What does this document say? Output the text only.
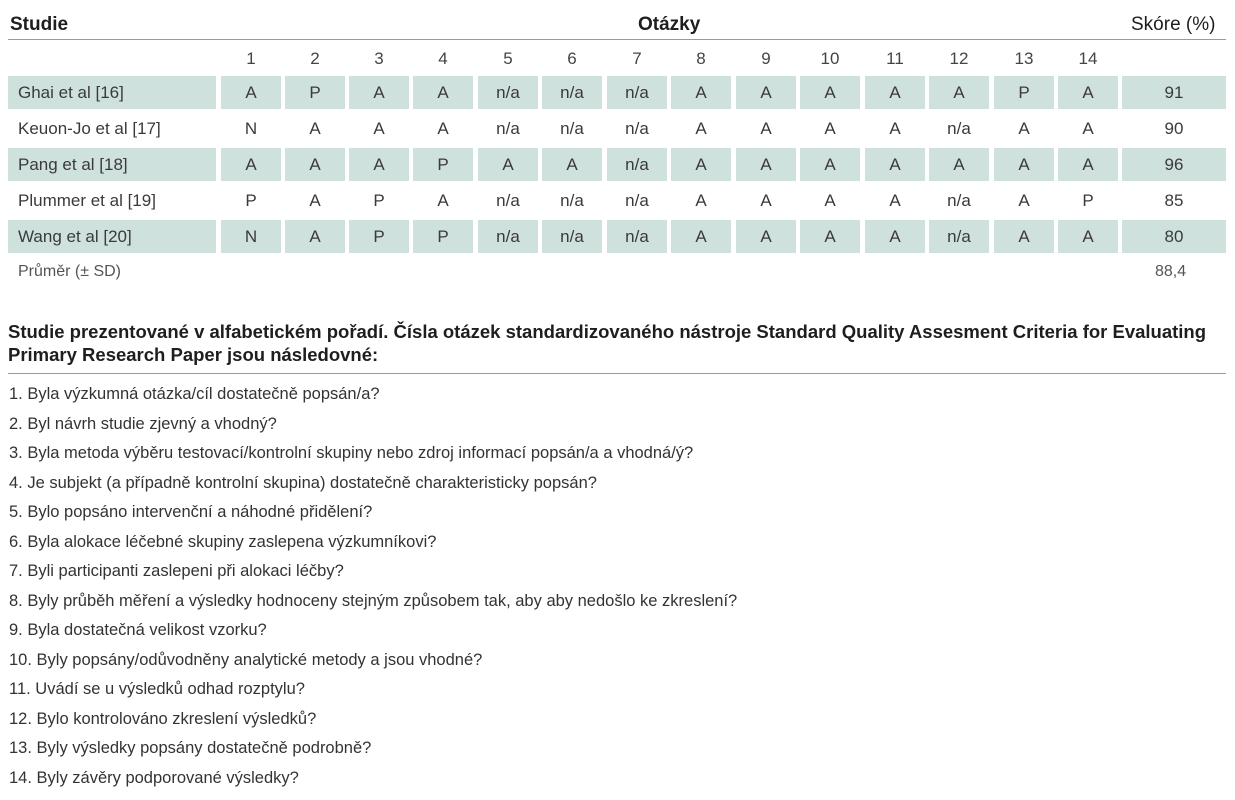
Studie	Otázky	Skóre (%)
1	2	3	4	5	6	7	8	9	10	11	12	13	14
Ghai et al [16]	A	P	A	A	n/a	n/a	n/a	A	A	A	A	A	P	A	91
Keuon-Jo et al [17]	N	A	A	A	n/a	n/a	n/a	A	A	A	A	n/a	A	A	90
Pang et al [18]	A	A	A	P	A	A	n/a	A	A	A	A	A	A	A	96
Plummer et al [19]	P	A	P	A	n/a	n/a	n/a	A	A	A	A	n/a	A	P	85
Wang et al [20]	N	A	P	P	n/a	n/a	n/a	A	A	A	A	n/a	A	A	80
Průměr (± SD)	88,4
Studie prezentované v alfabetickém pořadí. Čísla otázek standardizovaného nástroje Standard Quality Assesment Criteria for Evaluating Primary Research Paper jsou následovné:
1. Byla výzkumná otázka/cíl dostatečně popsán/a?
2. Byl návrh studie zjevný a vhodný?
3. Byla metoda výběru testovací/kontrolní skupiny nebo zdroj informací popsán/a a vhodná/ý?
4. Je subjekt (a případně kontrolní skupina) dostatečně charakteristicky popsán?
5. Bylo popsáno intervenční a náhodné přidělení?
6. Byla alokace léčebné skupiny zaslepena výzkumníkovi?
7. Byli participanti zaslepeni při alokaci léčby?
8. Byly průběh měření a výsledky hodnoceny stejným způsobem tak, aby aby nedošlo ke zkreslení?
9. Byla dostatečná velikost vzorku?
10. Byly popsány/odůvodněny analytické metody a jsou vhodné?
11. Uvádí se u výsledků odhad rozptylu?
12. Bylo kontrolováno zkreslení výsledků?
13. Byly výsledky popsány dostatečně podrobně?
14. Byly závěry podporované výsledky?
